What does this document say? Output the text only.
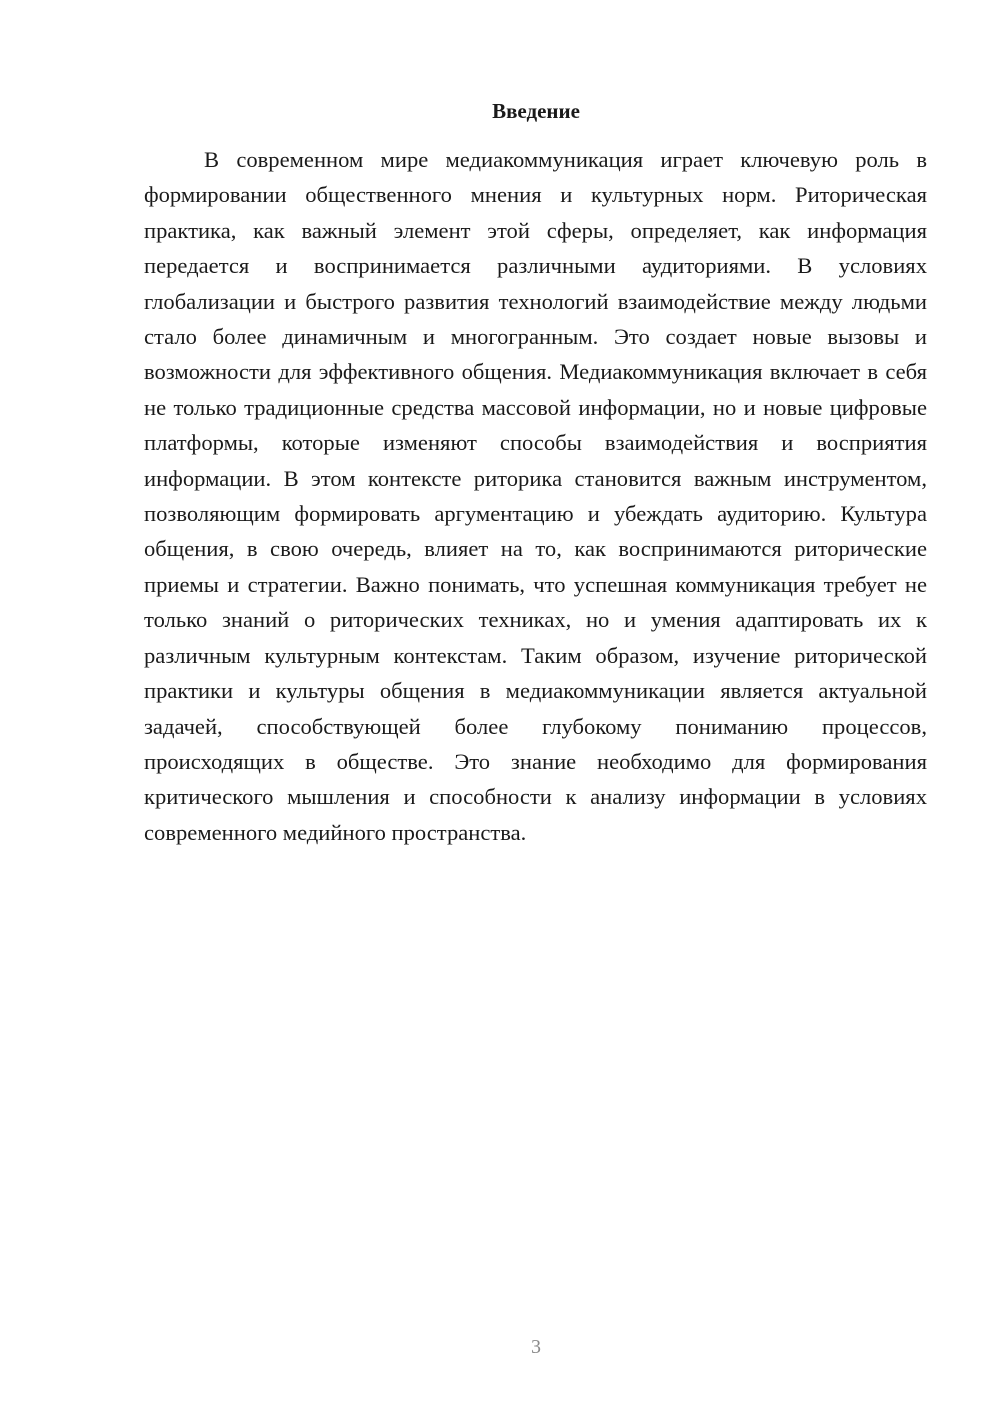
Введение

В современном мире медиакоммуникация играет ключевую роль в формировании общественного мнения и культурных норм. Риторическая практика, как важный элемент этой сферы, определяет, как информация передается и воспринимается различными аудиториями. В условиях глобализации и быстрого развития технологий взаимодействие между людьми стало более динамичным и многогранным. Это создает новые вызовы и возможности для эффективного общения. Медиакоммуникация включает в себя не только традиционные средства массовой информации, но и новые цифровые платформы, которые изменяют способы взаимодействия и восприятия информации. В этом контексте риторика становится важным инструментом, позволяющим формировать аргументацию и убеждать аудиторию. Культура общения, в свою очередь, влияет на то, как воспринимаются риторические приемы и стратегии. Важно понимать, что успешная коммуникация требует не только знаний о риторических техниках, но и умения адаптировать их к различным культурным контекстам. Таким образом, изучение риторической практики и культуры общения в медиакоммуникации является актуальной задачей, способствующей более глубокому пониманию процессов, происходящих в обществе. Это знание необходимо для формирования критического мышления и способности к анализу информации в условиях современного медийного пространства.

3
